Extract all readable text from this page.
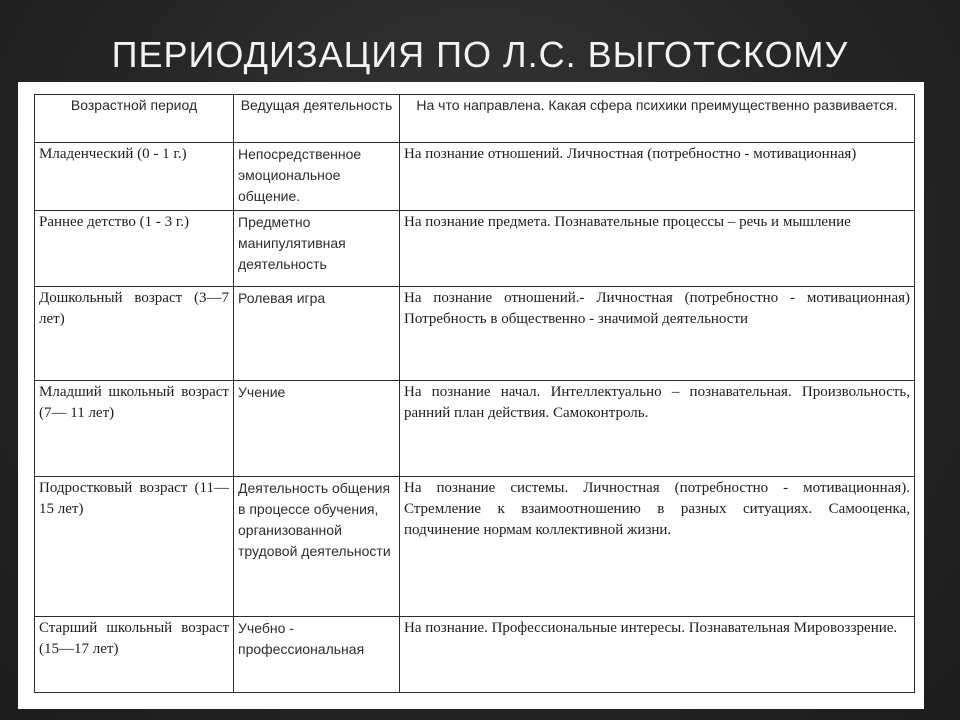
ПЕРИОДИЗАЦИЯ ПО Л.С. ВЫГОТСКОМУ
Возрастной период	Ведущая деятельность	На что направлена. Какая сфера психики преимущественно развивается.
Младенческий (0 - 1 г.)	Непосредственное эмоциональное общение.	На познание отношений. Личностная (потребностно - мотивационная)
Раннее детство (1 - 3 г.)	Предметно манипулятивная деятельность	На познание предмета. Познавательные процессы – речь и мышление
Дошкольный возраст (3—7 лет)	Ролевая игра	На познание отношений.- Личностная (потребностно - мотивационная) Потребность в общественно - значимой деятельности
Младший школьный возраст (7— 11 лет)	Учение	На познание начал. Интеллектуально – познавательная. Произвольность, ранний план действия. Самоконтроль.
Подростковый возраст (11—15 лет)	Деятельность общения в процессе обучения, организованной трудовой деятельности	На познание системы. Личностная (потребностно - мотивационная). Стремление к взаимоотношению в разных ситуациях. Самооценка, подчинение нормам коллективной жизни.
Старший школьный возраст (15—17 лет)	Учебно - профессиональная	На познание. Профессиональные интересы. Познавательная Мировоззрение.
